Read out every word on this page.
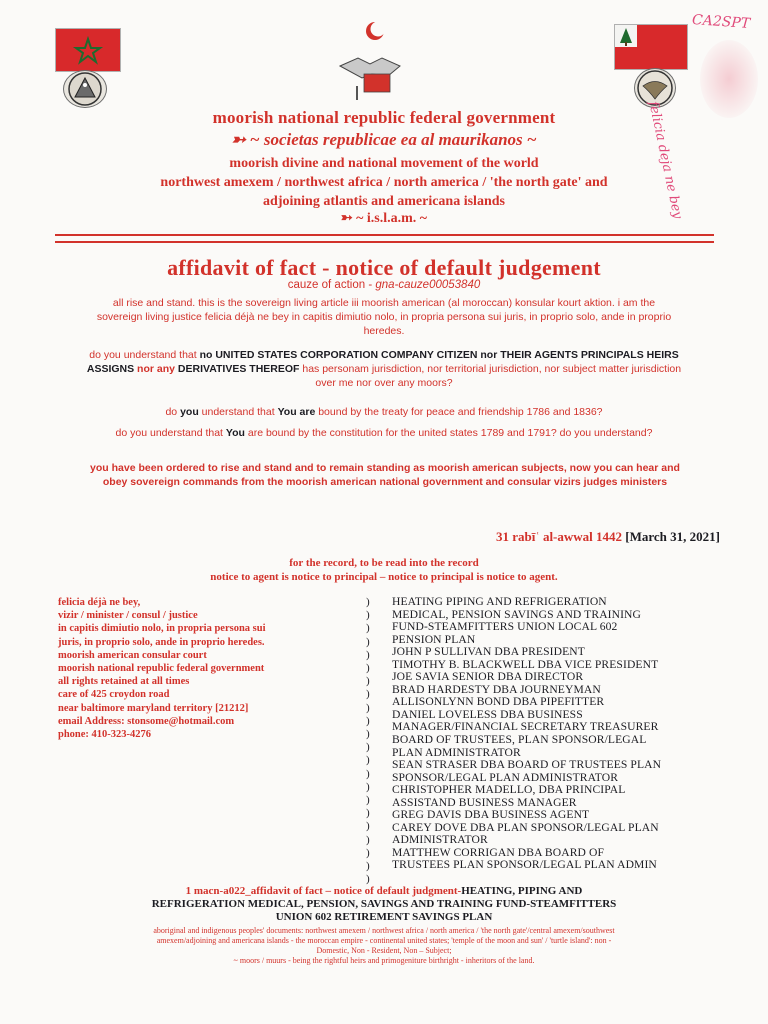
CA2SPT
felicia deja ne bey
moorish national republic federal government
➳ ~ societas republicae ea al maurikanos ~
moorish divine and national movement of the world
northwest amexem / northwest africa / north america / 'the north gate' and
adjoining atlantis and americana islands
➳ ~ i.s.l.a.m. ~
affidavit of fact - notice of default judgement
cauze of action - gna-cauze00053840
all rise and stand. this is the sovereign living article iii moorish american (al moroccan) konsular kourt aktion. i am the sovereign living justice felicia déjà ne bey in capitis dimiutio nolo, in propria persona sui juris, in proprio solo, ande in proprio heredes.
do you understand that no UNITED STATES CORPORATION COMPANY CITIZEN nor THEIR AGENTS PRINCIPALS HEIRS ASSIGNS nor any DERIVATIVES THEREOF has personam jurisdiction, nor territorial jurisdiction, nor subject matter jurisdiction over me nor over any moors?
do you understand that You are bound by the treaty for peace and friendship 1786 and 1836?
do you understand that You are bound by the constitution for the united states 1789 and 1791? do you understand?
you have been ordered to rise and stand and to remain standing as moorish american subjects, now you can hear and obey sovereign commands from the moorish american national government and consular vizirs judges ministers
31 rabīʿ al-awwal 1442 [March 31, 2021]
for the record, to be read into the record
notice to agent is notice to principal – notice to principal is notice to agent.
felicia déjà ne bey,
vizir / minister / consul / justice
in capitis dimiutio nolo, in propria persona sui
juris, in proprio solo, ande in proprio heredes.
moorish american consular court
moorish national republic federal government
all rights retained at all times
care of 425 croydon road
near baltimore maryland territory [21212]
email Address: stonsome@hotmail.com
phone: 410-323-4276
)
)
)
)
)
)
)
)
)
)
)
)
)
)
)
)
)
)
)
)
)
)
HEATING PIPING AND REFRIGERATION
MEDICAL, PENSION SAVINGS AND TRAINING
FUND-STEAMFITTERS UNION LOCAL 602
PENSION PLAN
JOHN P SULLIVAN DBA PRESIDENT
TIMOTHY B. BLACKWELL DBA VICE PRESIDENT
JOE SAVIA SENIOR DBA DIRECTOR
BRAD HARDESTY DBA JOURNEYMAN
ALLISONLYNN BOND DBA PIPEFITTER
DANIEL LOVELESS DBA BUSINESS
MANAGER/FINANCIAL SECRETARY TREASURER
BOARD OF TRUSTEES, PLAN SPONSOR/LEGAL
PLAN ADMINISTRATOR
SEAN STRASER DBA BOARD OF TRUSTEES PLAN
SPONSOR/LEGAL PLAN ADMINISTRATOR
CHRISTOPHER MADELLO, DBA PRINCIPAL
ASSISTAND BUSINESS MANAGER
GREG DAVIS DBA BUSINESS AGENT
CAREY DOVE DBA PLAN SPONSOR/LEGAL PLAN
ADMINISTRATOR
MATTHEW CORRIGAN DBA BOARD OF
TRUSTEES PLAN SPONSOR/LEGAL PLAN ADMIN
1 macn-a022_affidavit of fact – notice of default judgment-HEATING, PIPING AND
REFRIGERATION MEDICAL, PENSION, SAVINGS AND TRAINING FUND-STEAMFITTERS
UNION 602 RETIREMENT SAVINGS PLAN
aboriginal and indigenous peoples' documents: northwest amexem / northwest africa / north america / 'the north gate'/central amexem/southwest
amexem/adjoining and americana islands - the moroccan empire - continental united states; 'temple of the moon and sun' / 'turtle island': non -
Domestic, Non - Resident, Non – Subject;
~ moors / muurs - being the rightful heirs and primogeniture birthright - inheritors of the land.
